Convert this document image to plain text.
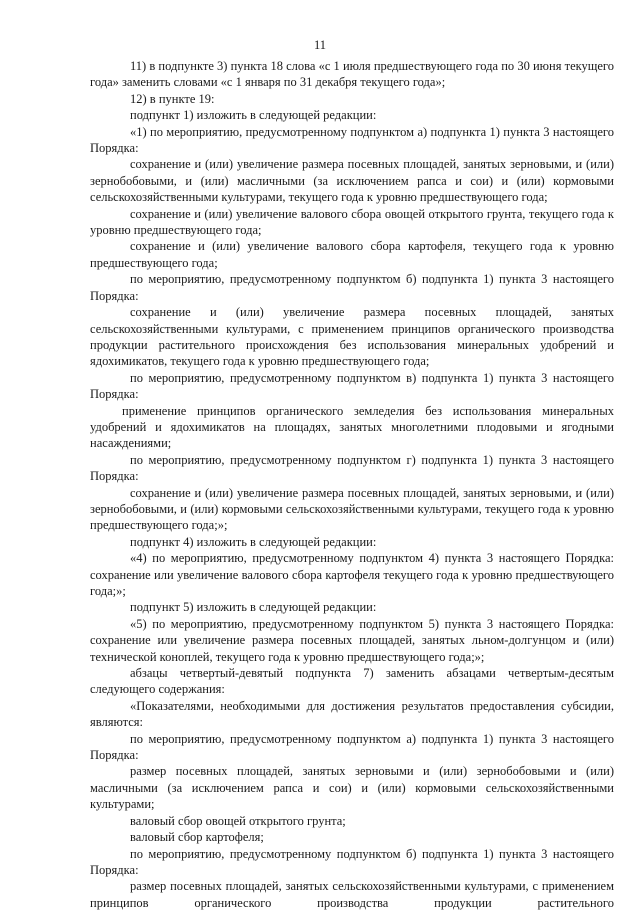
11

11) в подпункте 3) пункта 18 слова «с 1 июля предшествующего года по 30 июня текущего года» заменить словами «с 1 января по 31 декабря текущего года»;

12) в пункте 19:

подпункт 1) изложить в следующей редакции:

«1) по мероприятию, предусмотренному подпунктом а) подпункта 1) пункта 3 настоящего Порядка:

сохранение и (или) увеличение размера посевных площадей, занятых зерновыми, и (или) зернобобовыми, и (или) масличными (за исключением рапса и сои) и (или) кормовыми сельскохозяйственными культурами, текущего года к уровню предшествующего года;

сохранение и (или) увеличение валового сбора овощей открытого грунта, текущего года к уровню предшествующего года;

сохранение и (или) увеличение валового сбора картофеля, текущего года к уровню предшествующего года;

по мероприятию, предусмотренному подпунктом б) подпункта 1) пункта 3 настоящего Порядка:

сохранение и (или) увеличение размера посевных площадей, занятых сельскохозяйственными культурами, с применением принципов органического производства продукции растительного происхождения без использования минеральных удобрений и ядохимикатов, текущего года к уровню предшествующего года;

по мероприятию, предусмотренному подпунктом в) подпункта 1) пункта 3 настоящего Порядка:

применение принципов органического земледелия без использования минеральных удобрений и ядохимикатов на площадях, занятых многолетними плодовыми и ягодными насаждениями;

по мероприятию, предусмотренному подпунктом г) подпункта 1) пункта 3 настоящего Порядка:

сохранение и (или) увеличение размера посевных площадей, занятых зерновыми, и (или) зернобобовыми, и (или) кормовыми сельскохозяйственными культурами, текущего года к уровню предшествующего года;»;

подпункт 4) изложить в следующей редакции:

«4) по мероприятию, предусмотренному подпунктом 4) пункта 3 настоящего Порядка: сохранение или увеличение валового сбора картофеля текущего года к уровню предшествующего года;»;

подпункт 5) изложить в следующей редакции:

«5) по мероприятию, предусмотренному подпунктом 5) пункта 3 настоящего Порядка: сохранение или увеличение размера посевных площадей, занятых льном-долгунцом и (или) технической коноплей, текущего года к уровню предшествующего года;»;

абзацы четвертый-девятый подпункта 7) заменить абзацами четвертым-десятым следующего содержания:

«Показателями, необходимыми для достижения результатов предоставления субсидии, являются:

по мероприятию, предусмотренному подпунктом а) подпункта 1) пункта 3 настоящего Порядка:

размер посевных площадей, занятых зерновыми и (или) зернобобовыми и (или) масличными (за исключением рапса и сои) и (или) кормовыми сельскохозяйственными культурами;

валовый сбор овощей открытого грунта;

валовый сбор картофеля;

по мероприятию, предусмотренному подпунктом б) подпункта 1) пункта 3 настоящего Порядка:

размер посевных площадей, занятых сельскохозяйственными культурами, с применением принципов органического производства продукции растительного
